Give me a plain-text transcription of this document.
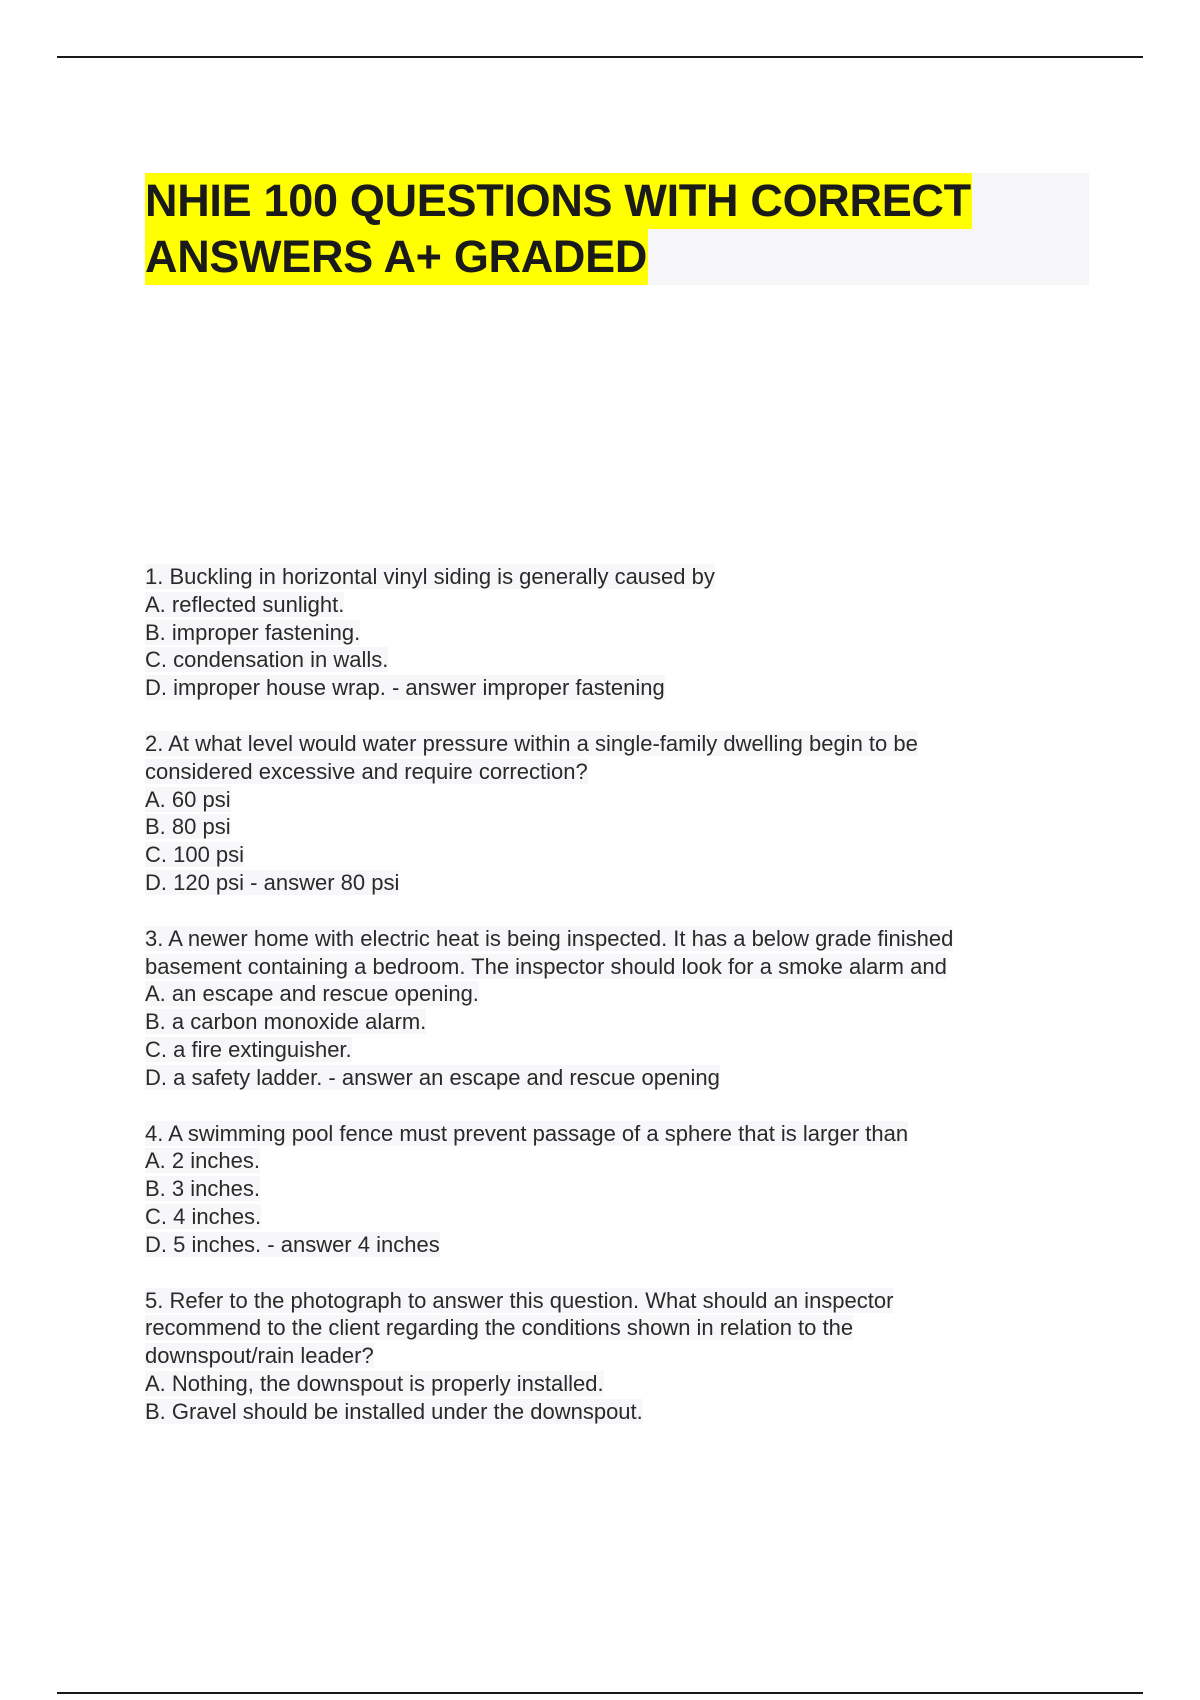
NHIE 100 QUESTIONS WITH CORRECT
ANSWERS A+ GRADED
1. Buckling in horizontal vinyl siding is generally caused by
A. reflected sunlight.
B. improper fastening.
C. condensation in walls.
D. improper house wrap. - answer improper fastening
2. At what level would water pressure within a single-family dwelling begin to be
considered excessive and require correction?
A. 60 psi
B. 80 psi
C. 100 psi
D. 120 psi - answer 80 psi
3. A newer home with electric heat is being inspected. It has a below grade finished
basement containing a bedroom. The inspector should look for a smoke alarm and
A. an escape and rescue opening.
B. a carbon monoxide alarm.
C. a fire extinguisher.
D. a safety ladder. - answer an escape and rescue opening
4. A swimming pool fence must prevent passage of a sphere that is larger than
A. 2 inches.
B. 3 inches.
C. 4 inches.
D. 5 inches. - answer 4 inches
5. Refer to the photograph to answer this question. What should an inspector
recommend to the client regarding the conditions shown in relation to the
downspout/rain leader?
A. Nothing, the downspout is properly installed.
B. Gravel should be installed under the downspout.
